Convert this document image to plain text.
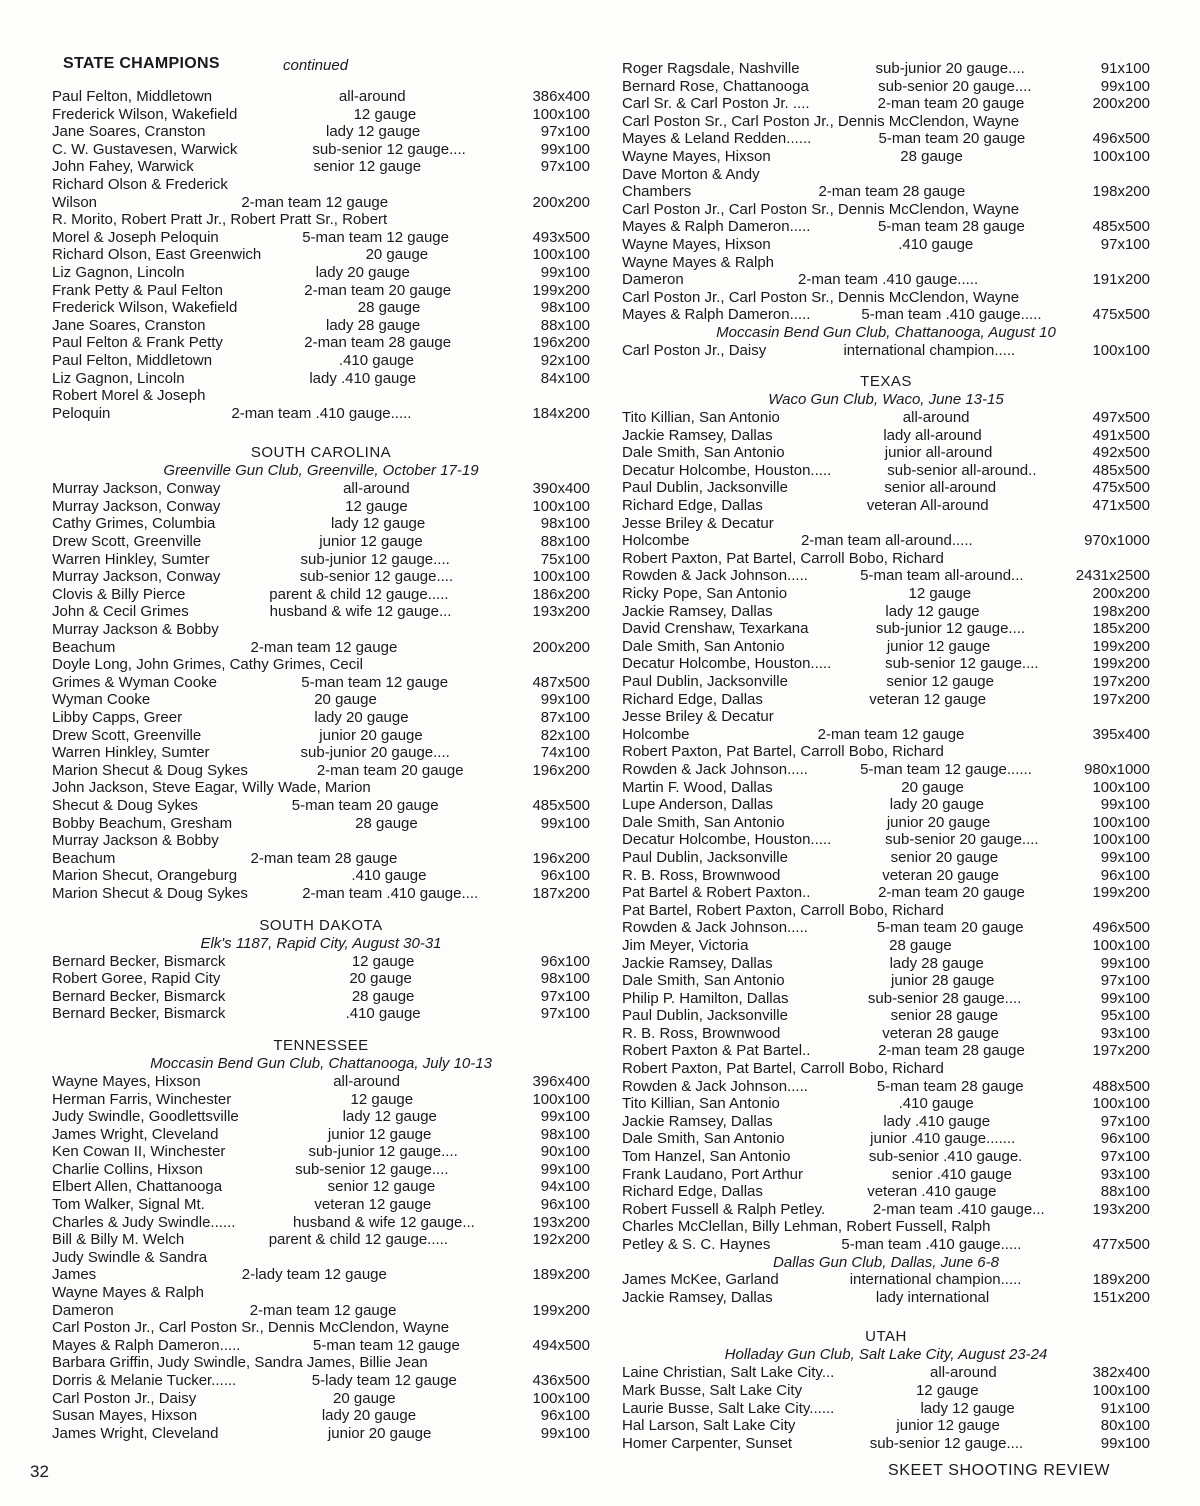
STATE CHAMPIONS	continued
Paul Felton, Middletown	all-around	386x400
Frederick Wilson, Wakefield	12 gauge	100x100
Jane Soares, Cranston	lady 12 gauge	97x100
C. W. Gustavesen, Warwick	sub-senior 12 gauge....	99x100
John Fahey, Warwick	senior 12 gauge	97x100
Richard Olson & Frederick
Wilson	2-man team 12 gauge	200x200
R. Morito, Robert Pratt Jr., Robert Pratt Sr., Robert
Morel & Joseph Peloquin	5-man team 12 gauge	493x500
Richard Olson, East Greenwich	20 gauge	100x100
Liz Gagnon, Lincoln	lady 20 gauge	99x100
Frank Petty & Paul Felton	2-man team 20 gauge	199x200
Frederick Wilson, Wakefield	28 gauge	98x100
Jane Soares, Cranston	lady 28 gauge	88x100
Paul Felton & Frank Petty	2-man team 28 gauge	196x200
Paul Felton, Middletown	.410 gauge	92x100
Liz Gagnon, Lincoln	lady .410 gauge	84x100
Robert Morel & Joseph
Peloquin	2-man team .410 gauge.....	184x200
SOUTH CAROLINA
Greenville Gun Club, Greenville, October 17-19
Murray Jackson, Conway	all-around	390x400
Murray Jackson, Conway	12 gauge	100x100
Cathy Grimes, Columbia	lady 12 gauge	98x100
Drew Scott, Greenville	junior 12 gauge	88x100
Warren Hinkley, Sumter	sub-junior 12 gauge....	75x100
Murray Jackson, Conway	sub-senior 12 gauge....	100x100
Clovis & Billy Pierce	parent & child 12 gauge.....	186x200
John & Cecil Grimes	husband & wife 12 gauge...	193x200
Murray Jackson & Bobby
Beachum	2-man team 12 gauge	200x200
Doyle Long, John Grimes, Cathy Grimes, Cecil
Grimes & Wyman Cooke	5-man team 12 gauge	487x500
Wyman Cooke	20 gauge	99x100
Libby Capps, Greer	lady 20 gauge	87x100
Drew Scott, Greenville	junior 20 gauge	82x100
Warren Hinkley, Sumter	sub-junior 20 gauge....	74x100
Marion Shecut & Doug Sykes	2-man team 20 gauge	196x200
John Jackson, Steve Eagar, Willy Wade, Marion
Shecut & Doug Sykes	5-man team 20 gauge	485x500
Bobby Beachum, Gresham	28 gauge	99x100
Murray Jackson & Bobby
Beachum	2-man team 28 gauge	196x200
Marion Shecut, Orangeburg	.410 gauge	96x100
Marion Shecut & Doug Sykes	2-man team .410 gauge....	187x200
SOUTH DAKOTA
Elk's 1187, Rapid City, August 30-31
Bernard Becker, Bismarck	12 gauge	96x100
Robert Goree, Rapid City	20 gauge	98x100
Bernard Becker, Bismarck	28 gauge	97x100
Bernard Becker, Bismarck	.410 gauge	97x100
TENNESSEE
Moccasin Bend Gun Club, Chattanooga, July 10-13
Wayne Mayes, Hixson	all-around	396x400
Herman Farris, Winchester	12 gauge	100x100
Judy Swindle, Goodlettsville	lady 12 gauge	99x100
James Wright, Cleveland	junior 12 gauge	98x100
Ken Cowan II, Winchester	sub-junior 12 gauge....	90x100
Charlie Collins, Hixson	sub-senior 12 gauge....	99x100
Elbert Allen, Chattanooga	senior 12 gauge	94x100
Tom Walker, Signal Mt.	veteran 12 gauge	96x100
Charles & Judy Swindle......	husband & wife 12 gauge...	193x200
Bill & Billy M. Welch	parent & child 12 gauge.....	192x200
Judy Swindle & Sandra
James	2-lady team 12 gauge	189x200
Wayne Mayes & Ralph
Dameron	2-man team 12 gauge	199x200
Carl Poston Jr., Carl Poston Sr., Dennis McClendon, Wayne
Mayes & Ralph Dameron.....	5-man team 12 gauge	494x500
Barbara Griffin, Judy Swindle, Sandra James, Billie Jean
Dorris & Melanie Tucker......	5-lady team 12 gauge	436x500
Carl Poston Jr., Daisy	20 gauge	100x100
Susan Mayes, Hixson	lady 20 gauge	96x100
James Wright, Cleveland	junior 20 gauge	99x100
Roger Ragsdale, Nashville	sub-junior 20 gauge....	91x100
Bernard Rose, Chattanooga	sub-senior 20 gauge....	99x100
Carl Sr. & Carl Poston Jr. ....	2-man team 20 gauge	200x200
Carl Poston Sr., Carl Poston Jr., Dennis McClendon, Wayne
Mayes & Leland Redden......	5-man team 20 gauge	496x500
Wayne Mayes, Hixson	28 gauge	100x100
Dave Morton & Andy
Chambers	2-man team 28 gauge	198x200
Carl Poston Jr., Carl Poston Sr., Dennis McClendon, Wayne
Mayes & Ralph Dameron.....	5-man team 28 gauge	485x500
Wayne Mayes, Hixson	.410 gauge	97x100
Wayne Mayes & Ralph
Dameron	2-man team .410 gauge.....	191x200
Carl Poston Jr., Carl Poston Sr., Dennis McClendon, Wayne
Mayes & Ralph Dameron.....	5-man team .410 gauge.....	475x500
Moccasin Bend Gun Club, Chattanooga, August 10
Carl Poston Jr., Daisy	international champion.....	100x100
TEXAS
Waco Gun Club, Waco, June 13-15
Tito Killian, San Antonio	all-around	497x500
Jackie Ramsey, Dallas	lady all-around	491x500
Dale Smith, San Antonio	junior all-around	492x500
Decatur Holcombe, Houston.....	sub-senior all-around..	485x500
Paul Dublin, Jacksonville	senior all-around	475x500
Richard Edge, Dallas	veteran All-around	471x500
Jesse Briley & Decatur
Holcombe	2-man team all-around.....	970x1000
Robert Paxton, Pat Bartel, Carroll Bobo, Richard
Rowden & Jack Johnson.....	5-man team all-around...	2431x2500
Ricky Pope, San Antonio	12 gauge	200x200
Jackie Ramsey, Dallas	lady 12 gauge	198x200
David Crenshaw, Texarkana	sub-junior 12 gauge....	185x200
Dale Smith, San Antonio	junior 12 gauge	199x200
Decatur Holcombe, Houston.....	sub-senior 12 gauge....	199x200
Paul Dublin, Jacksonville	senior 12 gauge	197x200
Richard Edge, Dallas	veteran 12 gauge	197x200
Jesse Briley & Decatur
Holcombe	2-man team 12 gauge	395x400
Robert Paxton, Pat Bartel, Carroll Bobo, Richard
Rowden & Jack Johnson.....	5-man team 12 gauge......	980x1000
Martin F. Wood, Dallas	20 gauge	100x100
Lupe Anderson, Dallas	lady 20 gauge	99x100
Dale Smith, San Antonio	junior 20 gauge	100x100
Decatur Holcombe, Houston.....	sub-senior 20 gauge....	100x100
Paul Dublin, Jacksonville	senior 20 gauge	99x100
R. B. Ross, Brownwood	veteran 20 gauge	96x100
Pat Bartel & Robert Paxton..	2-man team 20 gauge	199x200
Pat Bartel, Robert Paxton, Carroll Bobo, Richard
Rowden & Jack Johnson.....	5-man team 20 gauge	496x500
Jim Meyer, Victoria	28 gauge	100x100
Jackie Ramsey, Dallas	lady 28 gauge	99x100
Dale Smith, San Antonio	junior 28 gauge	97x100
Philip P. Hamilton, Dallas	sub-senior 28 gauge....	99x100
Paul Dublin, Jacksonville	senior 28 gauge	95x100
R. B. Ross, Brownwood	veteran 28 gauge	93x100
Robert Paxton & Pat Bartel..	2-man team 28 gauge	197x200
Robert Paxton, Pat Bartel, Carroll Bobo, Richard
Rowden & Jack Johnson.....	5-man team 28 gauge	488x500
Tito Killian, San Antonio	.410 gauge	100x100
Jackie Ramsey, Dallas	lady .410 gauge	97x100
Dale Smith, San Antonio	junior .410 gauge.......	96x100
Tom Hanzel, San Antonio	sub-senior .410 gauge.	97x100
Frank Laudano, Port Arthur	senior .410 gauge	93x100
Richard Edge, Dallas	veteran .410 gauge	88x100
Robert Fussell & Ralph Petley.	2-man team .410 gauge...	193x200
Charles McClellan, Billy Lehman, Robert Fussell, Ralph
Petley & S. C. Haynes	5-man team .410 gauge.....	477x500
Dallas Gun Club, Dallas, June 6-8
James McKee, Garland	international champion.....	189x200
Jackie Ramsey, Dallas	lady international	151x200
UTAH
Holladay Gun Club, Salt Lake City, August 23-24
Laine Christian, Salt Lake City...	all-around	382x400
Mark Busse, Salt Lake City	12 gauge	100x100
Laurie Busse, Salt Lake City......	lady 12 gauge	91x100
Hal Larson, Salt Lake City	junior 12 gauge	80x100
Homer Carpenter, Sunset	sub-senior 12 gauge....	99x100
32	SKEET SHOOTING REVIEW
